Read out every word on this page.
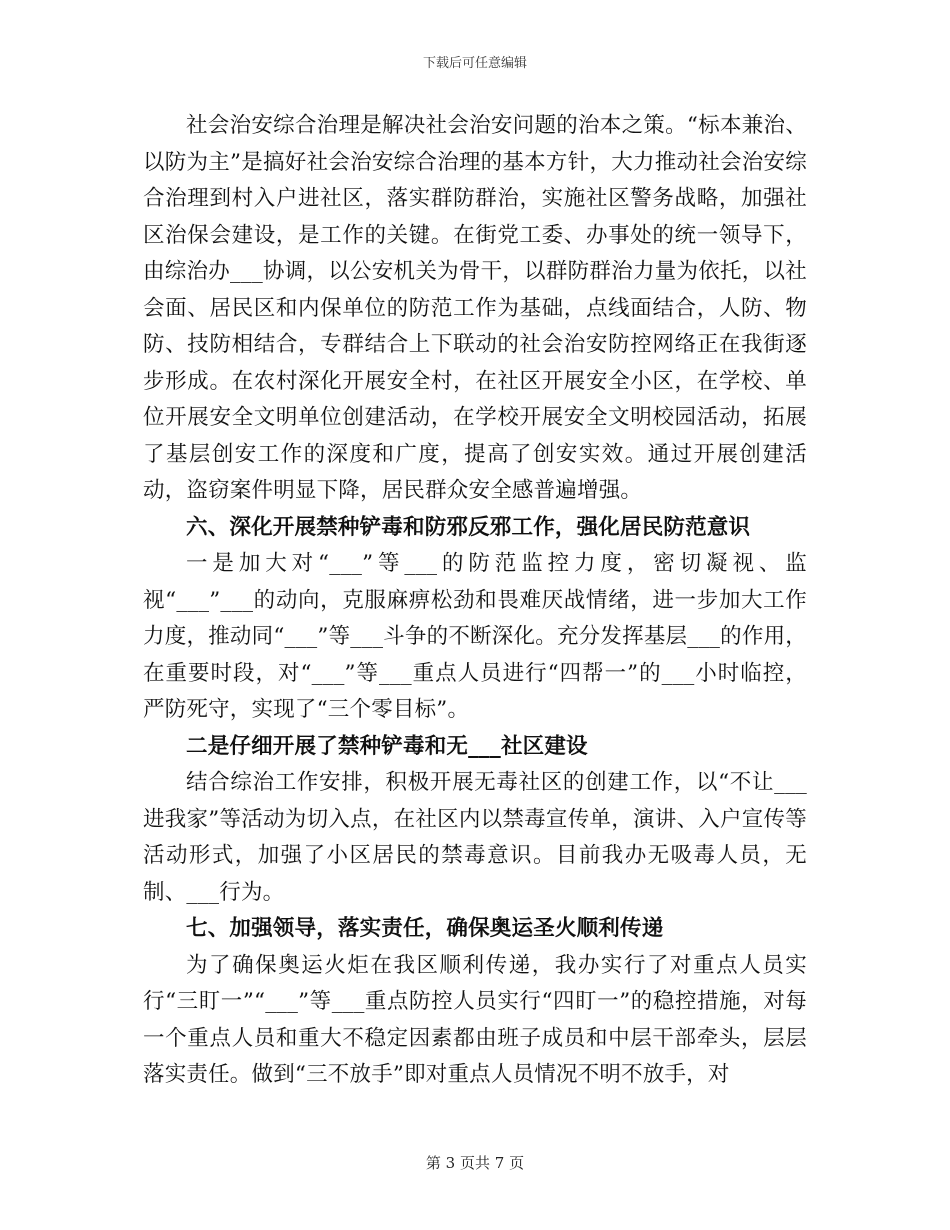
下载后可任意编辑

社会治安综合治理是解决社会治安问题的治本之策。“标本兼治、以防为主”是搞好社会治安综合治理的基本方针，大力推动社会治安综合治理到村入户进社区，落实群防群治，实施社区警务战略，加强社区治保会建设，是工作的关键。在街党工委、办事处的统一领导下，由综治办___协调，以公安机关为骨干，以群防群治力量为依托，以社会面、居民区和内保单位的防范工作为基础，点线面结合，人防、物防、技防相结合，专群结合上下联动的社会治安防控网络正在我街逐步形成。在农村深化开展安全村，在社区开展安全小区，在学校、单位开展安全文明单位创建活动，在学校开展安全文明校园活动，拓展了基层创安工作的深度和广度，提高了创安实效。通过开展创建活动，盗窃案件明显下降，居民群众安全感普遍增强。

六、深化开展禁种铲毒和防邪反邪工作，强化居民防范意识

一是加大对“___”等___的防范监控力度，密切凝视、监视“___”___的动向，克服麻痹松劲和畏难厌战情绪，进一步加大工作力度，推动同“___”等___斗争的不断深化。充分发挥基层___的作用，在重要时段，对“___”等___重点人员进行“四帮一”的___小时临控，严防死守，实现了“三个零目标”。

二是仔细开展了禁种铲毒和无___社区建设

结合综治工作安排，积极开展无毒社区的创建工作，以“不让___进我家”等活动为切入点，在社区内以禁毒宣传单，演讲、入户宣传等活动形式，加强了小区居民的禁毒意识。目前我办无吸毒人员，无制、___行为。

七、加强领导，落实责任，确保奥运圣火顺利传递

为了确保奥运火炬在我区顺利传递，我办实行了对重点人员实行“三盯一”“___”等___重点防控人员实行“四盯一”的稳控措施，对每一个重点人员和重大不稳定因素都由班子成员和中层干部牵头，层层落实责任。做到“三不放手”即对重点人员情况不明不放手，对

第 3 页共 7 页
